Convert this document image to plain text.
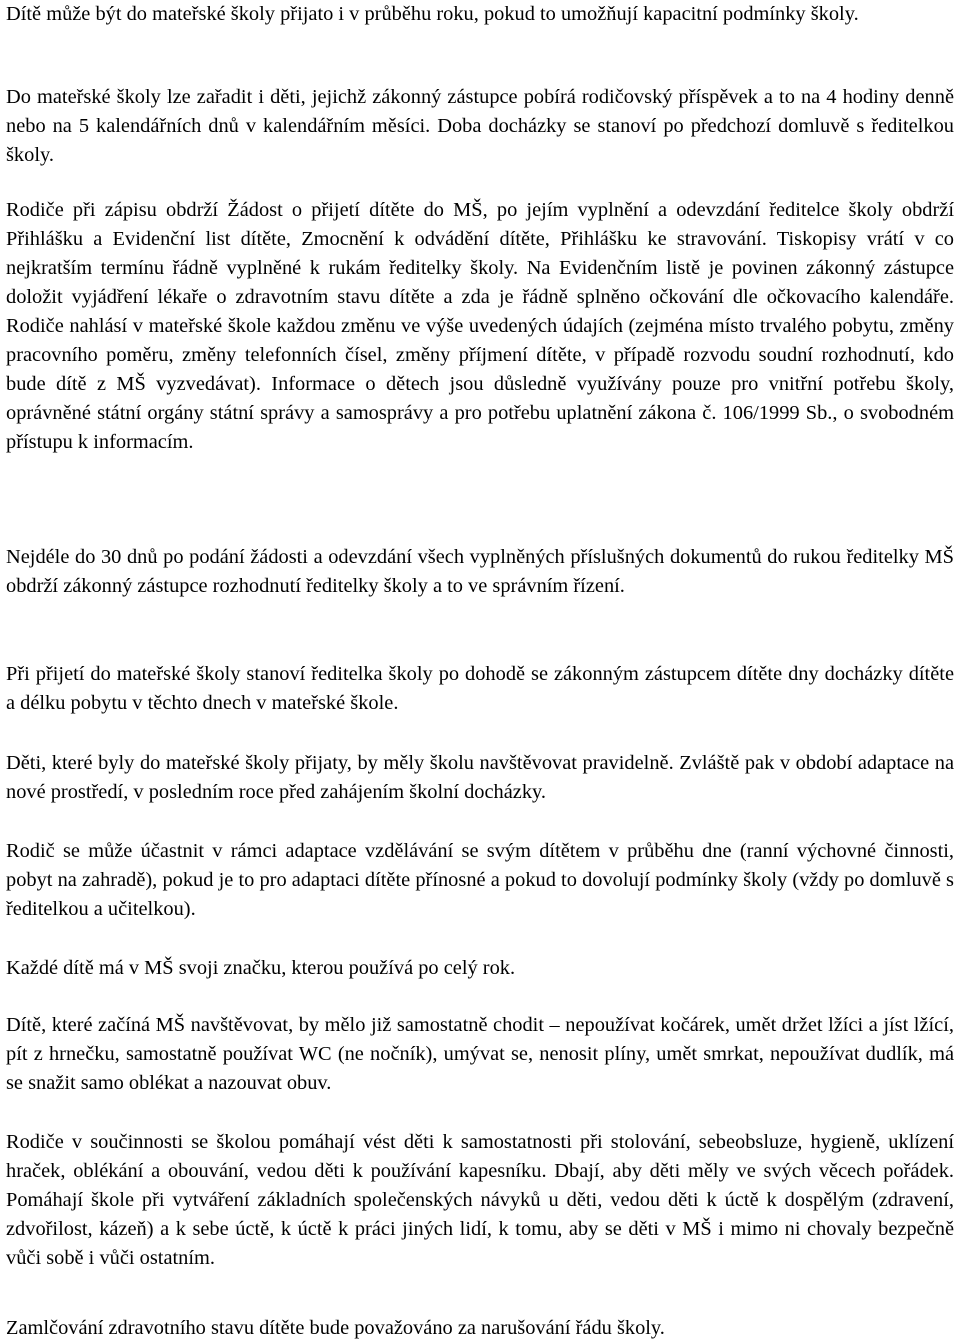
Dítě může být do mateřské školy přijato i v průběhu roku, pokud to umožňují kapacitní podmínky školy.

Do mateřské školy lze zařadit i děti, jejichž zákonný zástupce pobírá rodičovský příspěvek a to na 4 hodiny denně nebo na 5 kalendářních dnů v kalendářním měsíci. Doba docházky se stanoví po předchozí domluvě s ředitelkou školy.

Rodiče při zápisu obdrží Žádost o přijetí dítěte do MŠ, po jejím vyplnění a odevzdání ředitelce školy obdrží Přihlášku a Evidenční list dítěte, Zmocnění k odvádění dítěte, Přihlášku ke stravování. Tiskopisy vrátí v co nejkratším termínu řádně vyplněné k rukám ředitelky školy. Na Evidenčním listě je povinen zákonný zástupce doložit vyjádření lékaře o zdravotním stavu dítěte a zda je řádně splněno očkování dle očkovacího kalendáře. Rodiče nahlásí v mateřské škole každou změnu ve výše uvedených údajích (zejména místo trvalého pobytu, změny pracovního poměru, změny telefonních čísel, změny příjmení dítěte, v případě rozvodu soudní rozhodnutí, kdo bude dítě z MŠ vyzvedávat). Informace o dětech jsou důsledně využívány pouze pro vnitřní potřebu školy, oprávněné státní orgány státní správy a samosprávy a pro potřebu uplatnění zákona č. 106/1999 Sb., o svobodném přístupu k informacím.

Nejdéle do 30 dnů po podání žádosti a odevzdání všech vyplněných příslušných dokumentů do rukou ředitelky MŠ obdrží zákonný zástupce rozhodnutí ředitelky školy a to ve správním řízení.

Při přijetí do mateřské školy stanoví ředitelka školy po dohodě se zákonným zástupcem dítěte dny docházky dítěte a délku pobytu v těchto dnech v mateřské škole.

Děti, které byly do mateřské školy přijaty, by měly školu navštěvovat pravidelně. Zvláště pak v období adaptace na nové prostředí, v posledním roce před zahájením školní docházky.

Rodič se může účastnit v rámci adaptace vzdělávání se svým dítětem v průběhu dne (ranní výchovné činnosti, pobyt na zahradě), pokud je to pro adaptaci dítěte přínosné a pokud to dovolují podmínky školy (vždy po domluvě s ředitelkou a učitelkou).

Každé dítě má v MŠ svoji značku, kterou používá po celý rok.

Dítě, které začíná MŠ navštěvovat, by mělo již samostatně chodit – nepoužívat kočárek, umět držet lžíci a jíst lžící, pít z hrnečku, samostatně používat WC (ne nočník), umývat se, nenosit plíny, umět smrkat, nepoužívat dudlík, má se snažit samo oblékat a nazouvat obuv.

Rodiče v součinnosti se školou pomáhají vést děti k samostatnosti při stolování, sebeobsluze, hygieně, uklízení hraček, oblékání a obouvání, vedou děti k používání kapesníku. Dbají, aby děti měly ve svých věcech pořádek. Pomáhají škole při vytváření základních společenských návyků u děti, vedou děti k úctě k dospělým (zdravení, zdvořilost, kázeň) a k sebe úctě, k úctě k práci jiných lidí, k tomu, aby se děti v MŠ i mimo ni chovaly bezpečně vůči sobě i vůči ostatním.

Zamlčování zdravotního stavu dítěte bude považováno za narušování řádu školy.
